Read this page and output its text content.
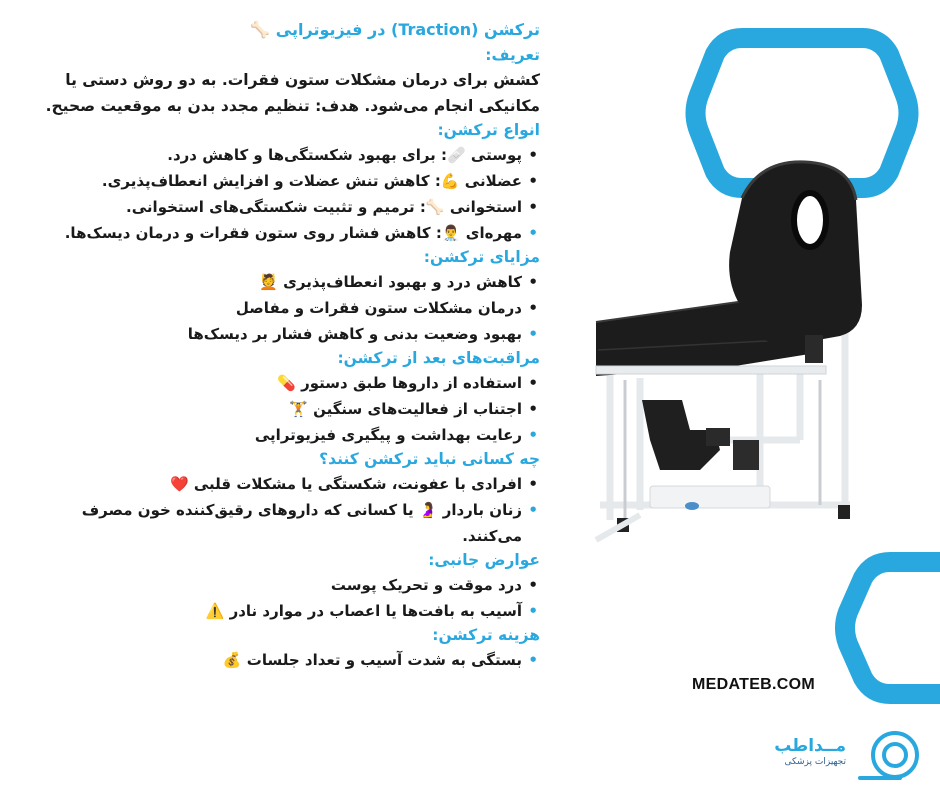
ترکشن (Traction) در فیزیوتراپی 🦴
تعریف:

کشش برای درمان مشکلات ستون فقرات. به دو روش دستی یا مکانیکی انجام می‌شود. هدف: تنظیم مجدد بدن به موقعیت صحیح.

انواع ترکشن:
• پوستی 🩹: برای بهبود شکستگی‌ها و کاهش درد.
• عضلانی 💪: کاهش تنش عضلات و افزایش انعطاف‌پذیری.
• استخوانی 🦴: ترمیم و تثبیت شکستگی‌های استخوانی.
• مهره‌ای 👨‍⚕️: کاهش فشار روی ستون فقرات و درمان دیسک‌ها.
مزایای ترکشن:
• کاهش درد و بهبود انعطاف‌پذیری 💆
• درمان مشکلات ستون فقرات و مفاصل
• بهبود وضعیت بدنی و کاهش فشار بر دیسک‌ها
مراقبت‌های بعد از ترکشن:
• استفاده از داروها طبق دستور 💊
• اجتناب از فعالیت‌های سنگین 🏋
• رعایت بهداشت و پیگیری فیزیوتراپی
چه کسانی نباید ترکشن کنند؟
• افرادی با عفونت، شکستگی یا مشکلات قلبی ❤️
• زنان باردار 🤰 یا کسانی که داروهای رقیق‌کننده خون مصرف می‌کنند.
عوارض جانبی:
• درد موقت و تحریک پوست
• آسیب به بافت‌ها یا اعصاب در موارد نادر ⚠️
هزینه ترکشن:
• بستگی به شدت آسیب و تعداد جلسات 💰
MEDATEB.COM
مــداطب
تجهیزات پزشکی
